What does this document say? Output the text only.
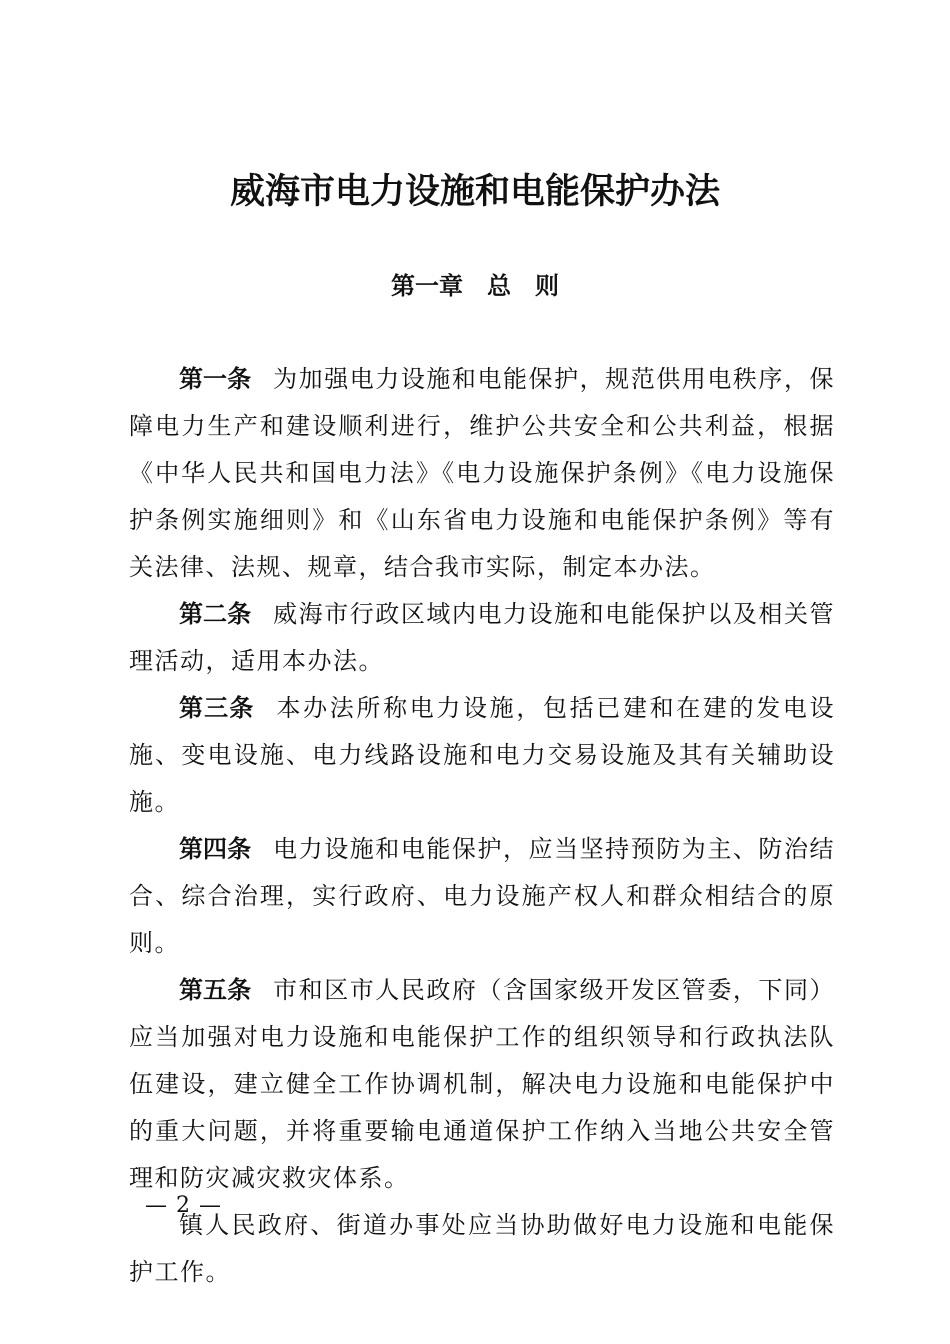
威海市电力设施和电能保护办法
第一章　总　则

第一条 为加强电力设施和电能保护，规范供用电秩序，保障电力生产和建设顺利进行，维护公共安全和公共利益，根据《中华人民共和国电力法》《电力设施保护条例》《电力设施保护条例实施细则》和《山东省电力设施和电能保护条例》等有关法律、法规、规章，结合我市实际，制定本办法。

第二条 威海市行政区域内电力设施和电能保护以及相关管理活动，适用本办法。

第三条 本办法所称电力设施，包括已建和在建的发电设施、变电设施、电力线路设施和电力交易设施及其有关辅助设施。

第四条 电力设施和电能保护，应当坚持预防为主、防治结合、综合治理，实行政府、电力设施产权人和群众相结合的原则。

第五条 市和区市人民政府（含国家级开发区管委，下同）应当加强对电力设施和电能保护工作的组织领导和行政执法队伍建设，建立健全工作协调机制，解决电力设施和电能保护中的重大问题，并将重要输电通道保护工作纳入当地公共安全管理和防灾减灾救灾体系。

镇人民政府、街道办事处应当协助做好电力设施和电能保护工作。

— 2 —
